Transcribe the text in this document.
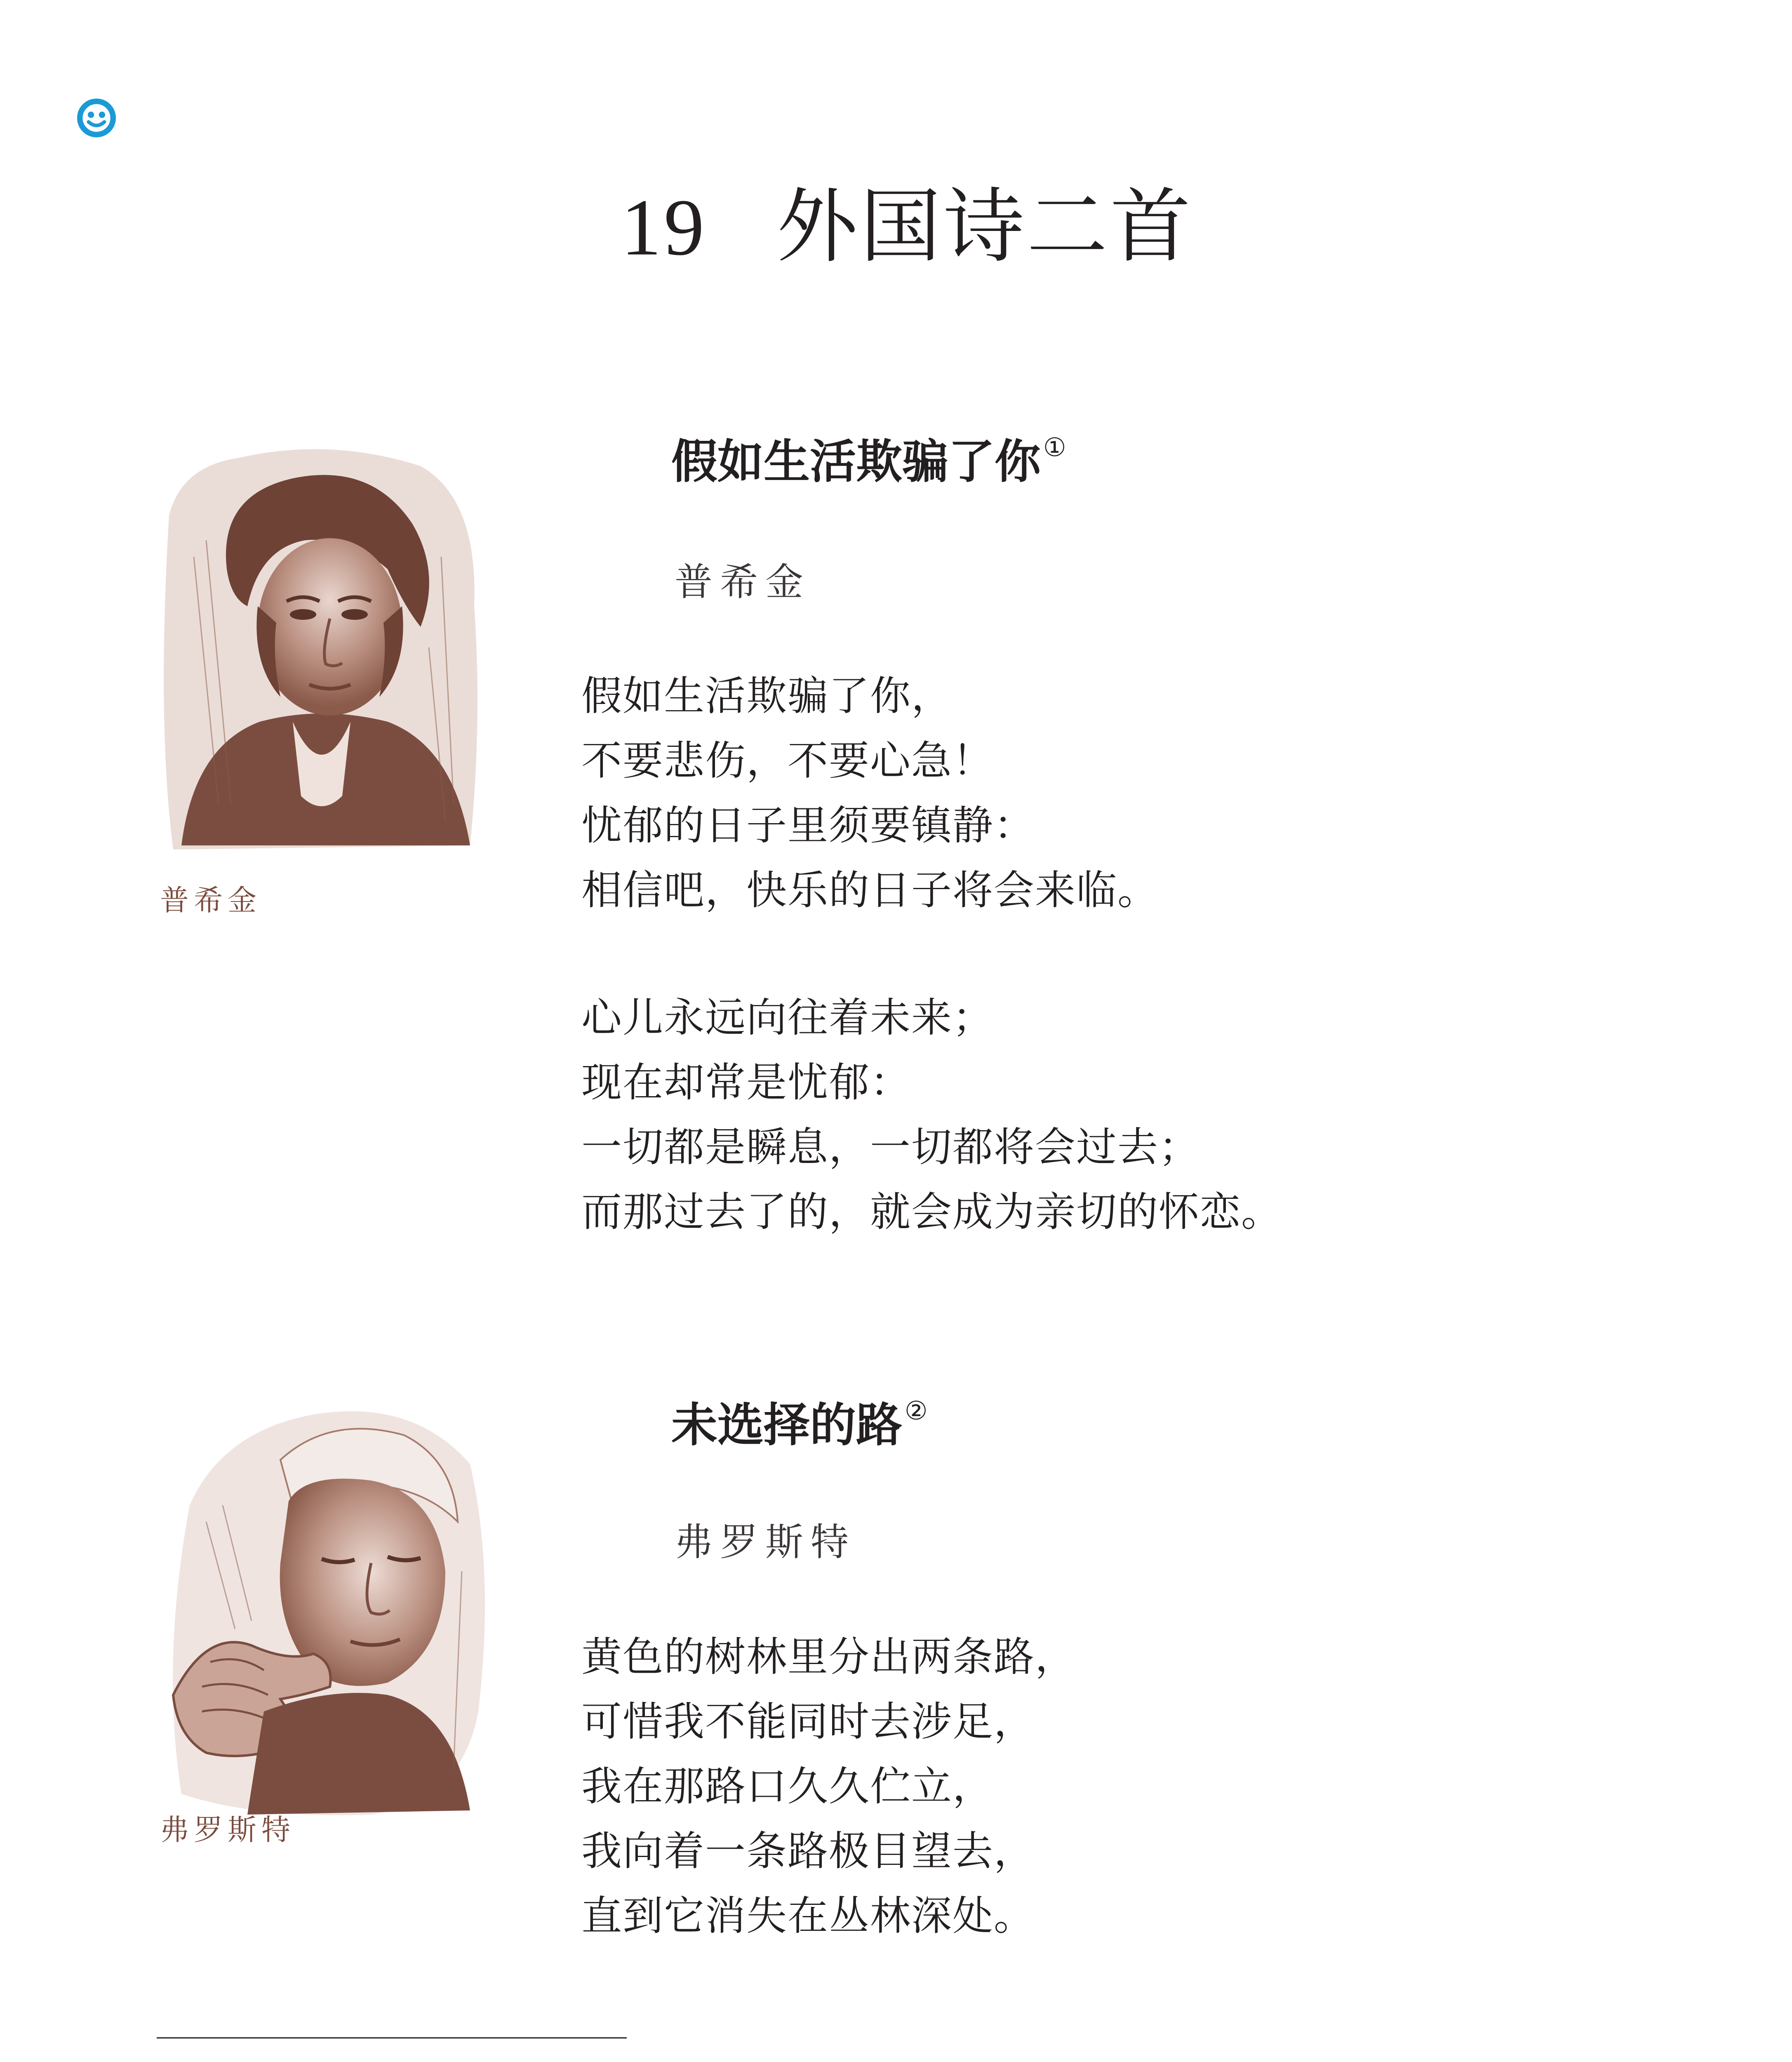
19 外国诗二首
假如生活欺骗了你①
普希金
普希金
假如生活欺骗了你，
不要悲伤，不要心急！
忧郁的日子里须要镇静：
相信吧，快乐的日子将会来临。
心儿永远向往着未来；
现在却常是忧郁：
一切都是瞬息，一切都将会过去；
而那过去了的，就会成为亲切的怀恋。
未选择的路②
弗罗斯特
弗罗斯特
黄色的树林里分出两条路，
可惜我不能同时去涉足，
我在那路口久久伫立，
我向着一条路极目望去，
直到它消失在丛林深处。
